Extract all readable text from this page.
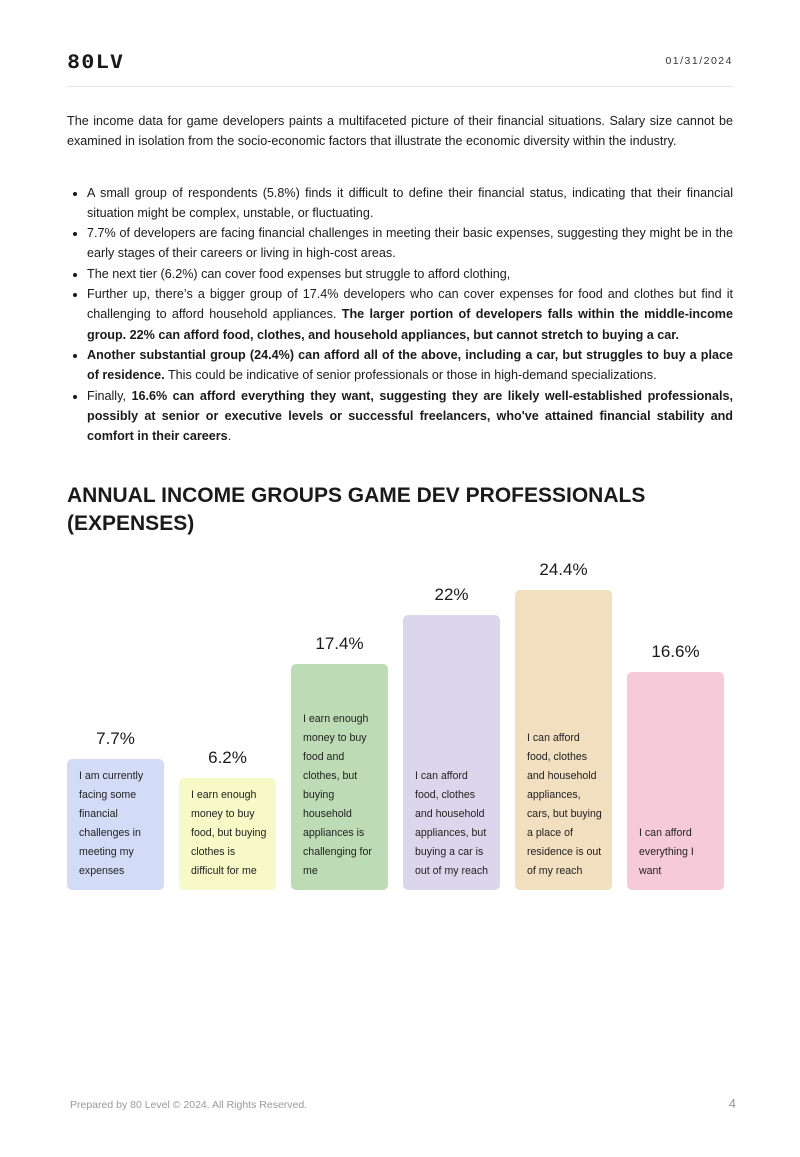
80LV	01/31/2024

The income data for game developers paints a multifaceted picture of their financial situations. Salary size cannot be examined in isolation from the socio-economic factors that illustrate the economic diversity within the industry.

• A small group of respondents (5.8%) finds it difficult to define their financial status, indicating that their financial situation might be complex, unstable, or fluctuating.
• 7.7% of developers are facing financial challenges in meeting their basic expenses, suggesting they might be in the early stages of their careers or living in high-cost areas.
• The next tier (6.2%) can cover food expenses but struggle to afford clothing,
• Further up, there’s a bigger group of 17.4% developers who can cover expenses for food and clothes but find it challenging to afford household appliances. The larger portion of developers falls within the middle-income group. 22% can afford food, clothes, and household appliances, but cannot stretch to buying a car.
• Another substantial group (24.4%) can afford all of the above, including a car, but struggles to buy a place of residence. This could be indicative of senior professionals or those in high-demand specializations.
• Finally, 16.6% can afford everything they want, suggesting they are likely well-established professionals, possibly at senior or executive levels or successful freelancers, who've attained financial stability and comfort in their careers.
ANNUAL INCOME GROUPS GAME DEV PROFESSIONALS (EXPENSES)
7.7%
I am currently facing some financial challenges in meeting my expenses
6.2%
I earn enough money to buy food, but buying clothes is difficult for me
17.4%
I earn enough money to buy food and clothes, but buying household appliances is challenging for me
22%
I can afford food, clothes and household appliances, but buying a car is out of my reach
24.4%
I can afford food, clothes and household appliances, cars, but buying a place of residence is out of my reach
16.6%
I can afford everything I want
Prepared by 80 Level © 2024. All Rights Reserved.	4
